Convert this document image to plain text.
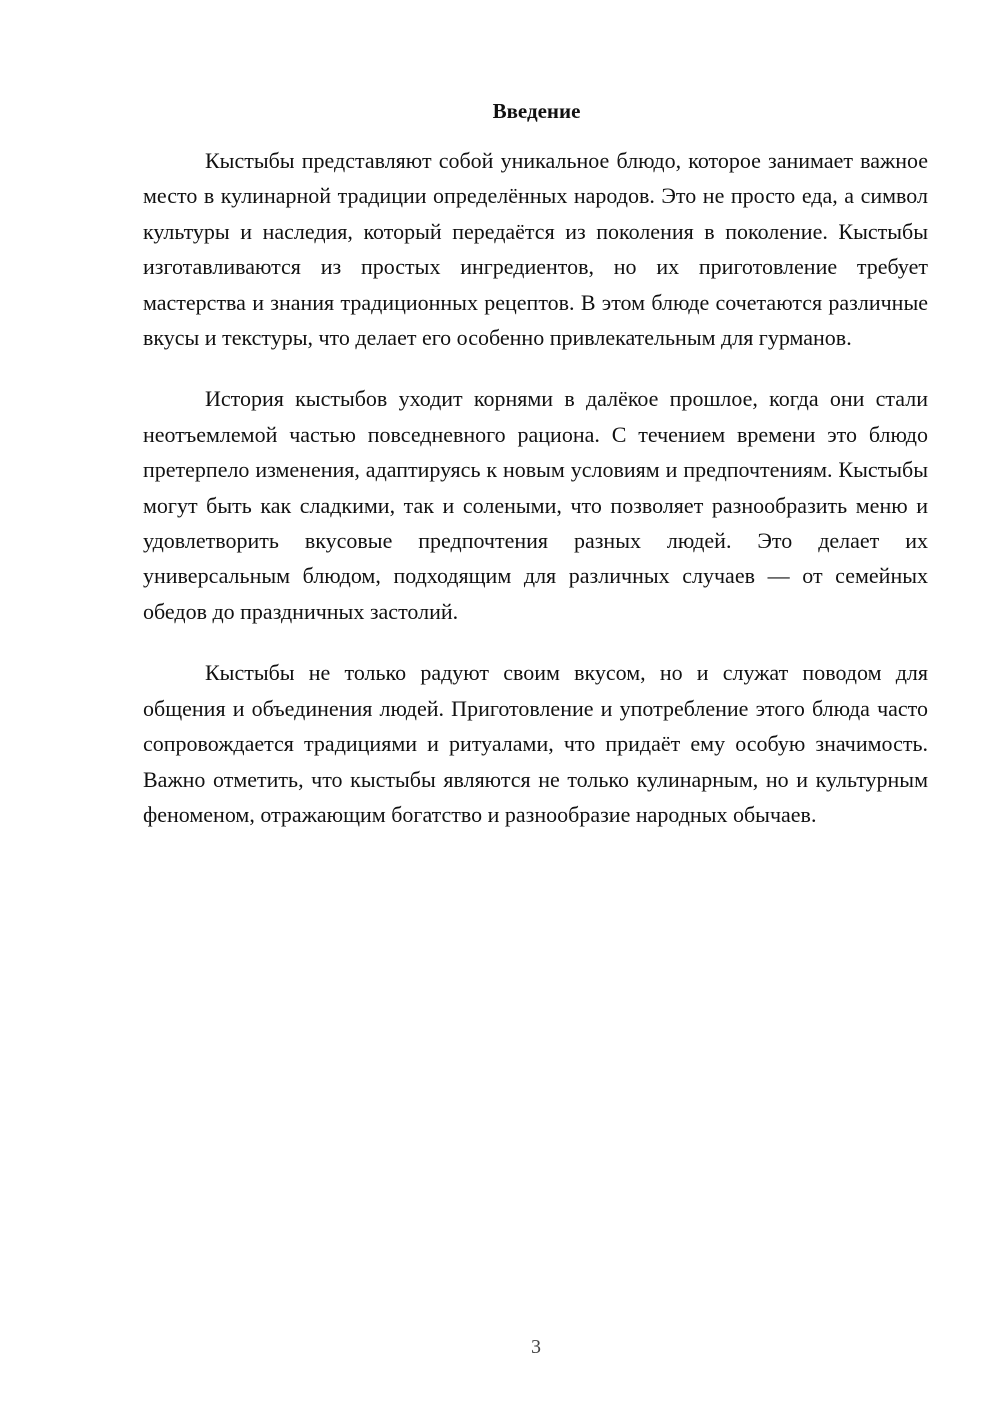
Введение

Кыстыбы представляют собой уникальное блюдо, которое занимает важное место в кулинарной традиции определённых народов. Это не просто еда, а символ культуры и наследия, который передаётся из поколения в поколение. Кыстыбы изготавливаются из простых ингредиентов, но их приготовление требует мастерства и знания традиционных рецептов. В этом блюде сочетаются различные вкусы и текстуры, что делает его особенно привлекательным для гурманов.

История кыстыбов уходит корнями в далёкое прошлое, когда они стали неотъемлемой частью повседневного рациона. С течением времени это блюдо претерпело изменения, адаптируясь к новым условиям и предпочтениям. Кыстыбы могут быть как сладкими, так и солеными, что позволяет разнообразить меню и удовлетворить вкусовые предпочтения разных людей. Это делает их универсальным блюдом, подходящим для различных случаев — от семейных обедов до праздничных застолий.

Кыстыбы не только радуют своим вкусом, но и служат поводом для общения и объединения людей. Приготовление и употребление этого блюда часто сопровождается традициями и ритуалами, что придаёт ему особую значимость. Важно отметить, что кыстыбы являются не только кулинарным, но и культурным феноменом, отражающим богатство и разнообразие народных обычаев.

3
